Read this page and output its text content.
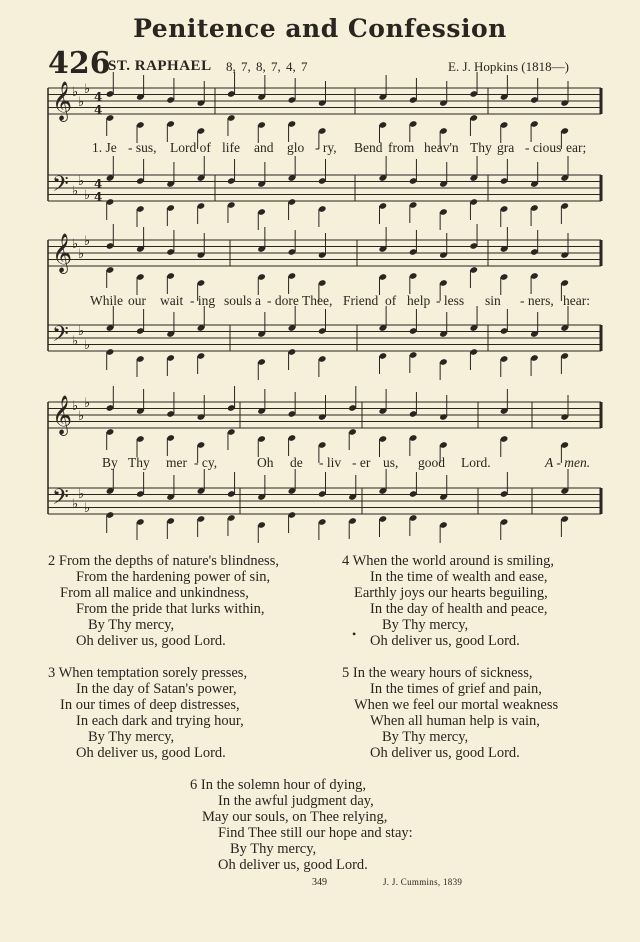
Penitence and Confession
426
ST. RAPHAEL 8, 7, 8, 7, 4, 7	E. J. Hopkins (1818—)
𝄞 ♭
♭
♭ 4
4
𝄢 ♭
♭
♭
4
4
𝄞 ♭
♭
♭
𝄢 ♭
♭
♭
𝄞 ♭
♭
♭
𝄢 ♭
♭
♭
1. Je - sus, Lord of life and glo - ry, Bend from heav'n Thy gra - cious ear;
While our wait - ing souls a - dore Thee, Friend of help - less sin - ners, hear:
By Thy mer - cy,	Oh de - liv - er us, good Lord.	A - men.
2 From the depths of nature's blindness,
From the hardening power of sin,
From all malice and unkindness,
From the pride that lurks within,
By Thy mercy,
Oh deliver us, good Lord.
3 When temptation sorely presses,
In the day of Satan's power,
In our times of deep distresses,
In each dark and trying hour,
By Thy mercy,
Oh deliver us, good Lord.
4 When the world around is smiling,
In the time of wealth and ease,
Earthly joys our hearts beguiling,
In the day of health and peace,
By Thy mercy,
Oh deliver us, good Lord.
5 In the weary hours of sickness,
In the times of grief and pain,
When we feel our mortal weakness
When all human help is vain,
By Thy mercy,
Oh deliver us, good Lord.
6 In the solemn hour of dying,
In the awful judgment day,
May our souls, on Thee relying,
Find Thee still our hope and stay:
By Thy mercy,
Oh deliver us, good Lord.
•
349	J. J. Cummins, 1839
